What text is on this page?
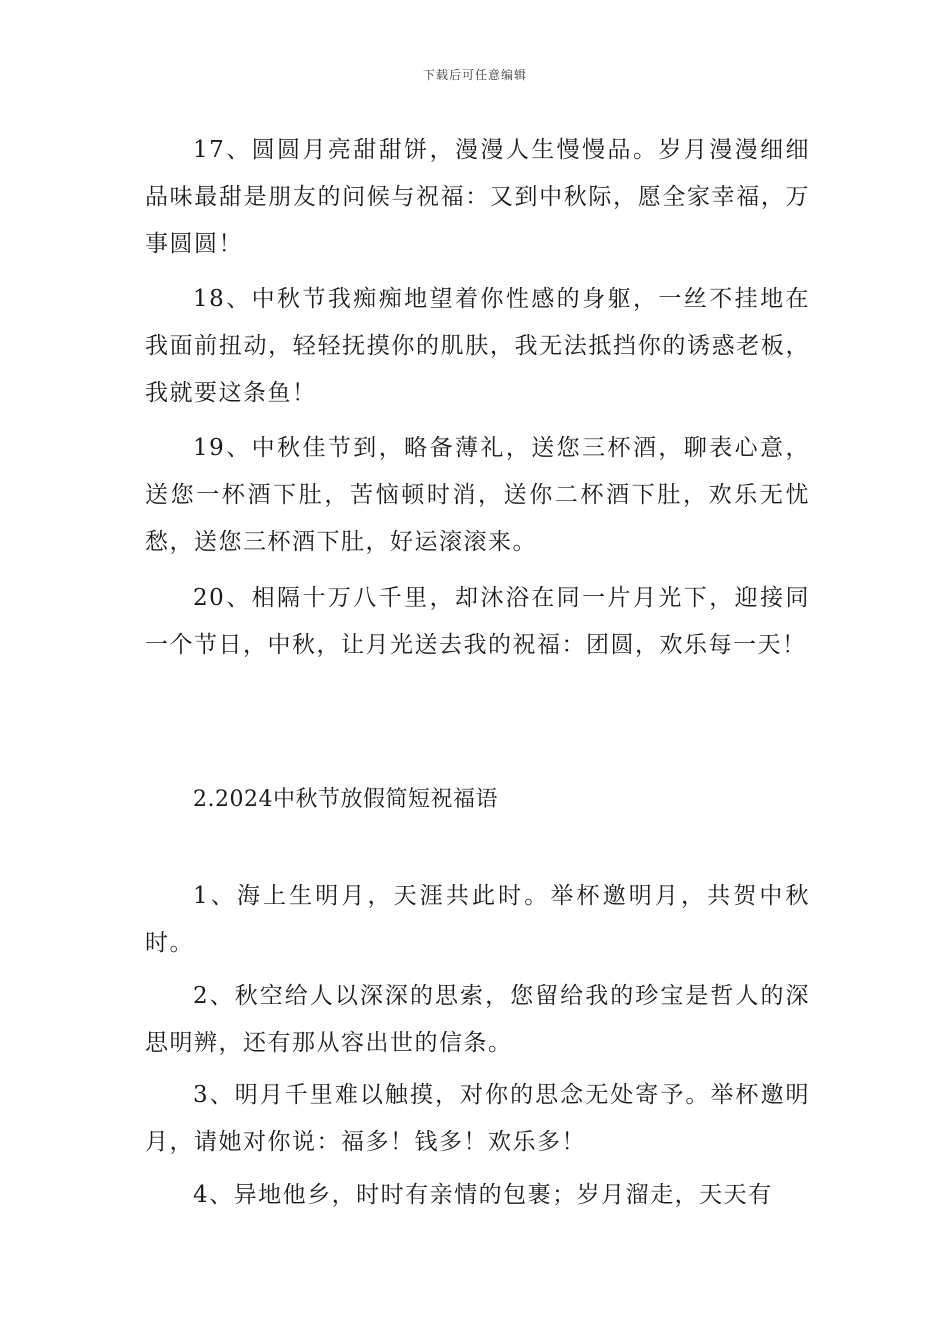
下载后可任意编辑

17、圆圆月亮甜甜饼，漫漫人生慢慢品。岁月漫漫细细品味最甜是朋友的问候与祝福：又到中秋际，愿全家幸福，万事圆圆！

18、中秋节我痴痴地望着你性感的身躯，一丝不挂地在我面前扭动，轻轻抚摸你的肌肤，我无法抵挡你的诱惑老板，我就要这条鱼！

19、中秋佳节到，略备薄礼，送您三杯酒，聊表心意，送您一杯酒下肚，苦恼顿时消，送你二杯酒下肚，欢乐无忧愁，送您三杯酒下肚，好运滚滚来。

20、相隔十万八千里，却沐浴在同一片月光下，迎接同一个节日，中秋，让月光送去我的祝福：团圆，欢乐每一天！

2.2024中秋节放假简短祝福语

1、海上生明月，天涯共此时。举杯邀明月，共贺中秋时。

2、秋空给人以深深的思索，您留给我的珍宝是哲人的深思明辨，还有那从容出世的信条。

3、明月千里难以触摸，对你的思念无处寄予。举杯邀明月，请她对你说：福多！钱多！欢乐多！

4、异地他乡，时时有亲情的包裹；岁月溜走，天天有
